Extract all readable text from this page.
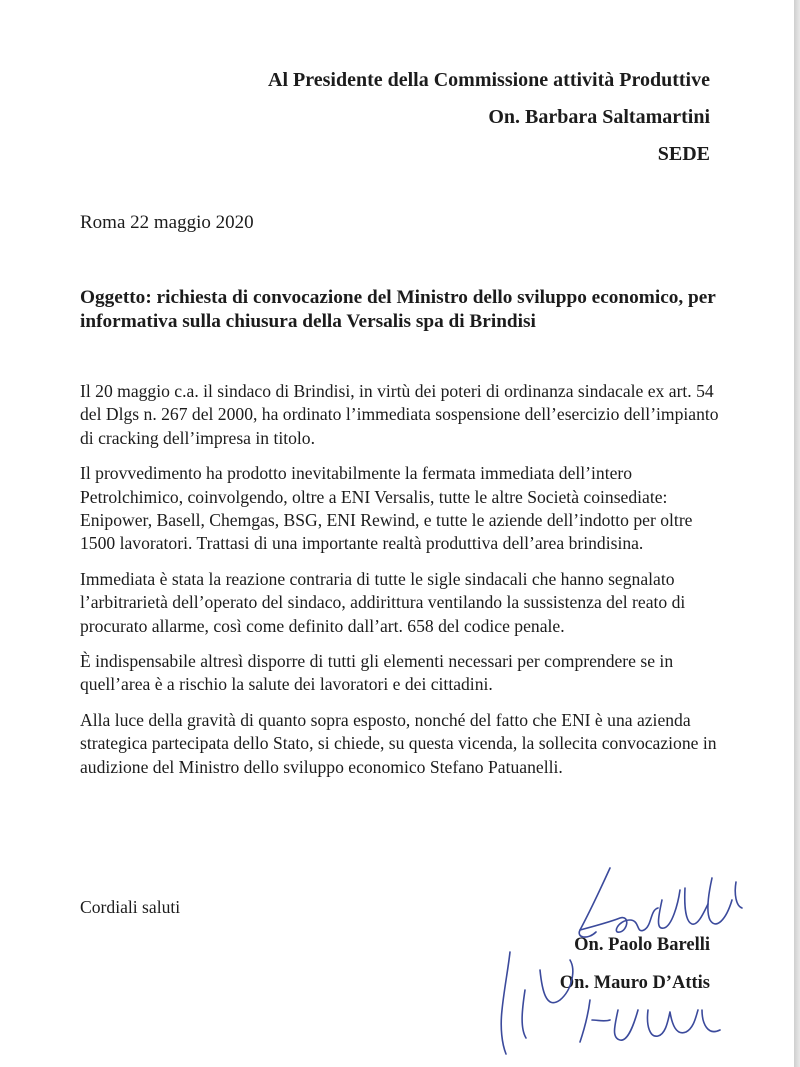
Al Presidente della Commissione attività Produttive
On. Barbara Saltamartini
SEDE
Roma 22 maggio 2020
Oggetto: richiesta di convocazione del Ministro dello sviluppo economico, per informativa sulla chiusura della Versalis spa di Brindisi

Il 20 maggio c.a. il sindaco di Brindisi, in virtù dei poteri di ordinanza sindacale ex art. 54 del Dlgs n. 267 del 2000, ha ordinato l’immediata sospensione dell’esercizio dell’impianto di cracking dell’impresa in titolo.

Il provvedimento ha prodotto inevitabilmente la fermata immediata dell’intero Petrolchimico, coinvolgendo, oltre a ENI Versalis, tutte le altre Società coinsediate: Enipower, Basell, Chemgas, BSG, ENI Rewind, e tutte le aziende dell’indotto per oltre 1500 lavoratori. Trattasi di una importante realtà produttiva dell’area brindisina.

Immediata è stata la reazione contraria di tutte le sigle sindacali che hanno segnalato l’arbitrarietà dell’operato del sindaco, addirittura ventilando la sussistenza del reato di procurato allarme, così come definito dall’art. 658 del codice penale.

È indispensabile altresì disporre di tutti gli elementi necessari per comprendere se in quell’area è a rischio la salute dei lavoratori e dei cittadini.

Alla luce della gravità di quanto sopra esposto, nonché del fatto che ENI è una azienda strategica partecipata dello Stato, si chiede, su questa vicenda, la sollecita convocazione in audizione del Ministro dello sviluppo economico Stefano Patuanelli.

Cordiali saluti
On. Paolo Barelli
On. Mauro D’Attis
